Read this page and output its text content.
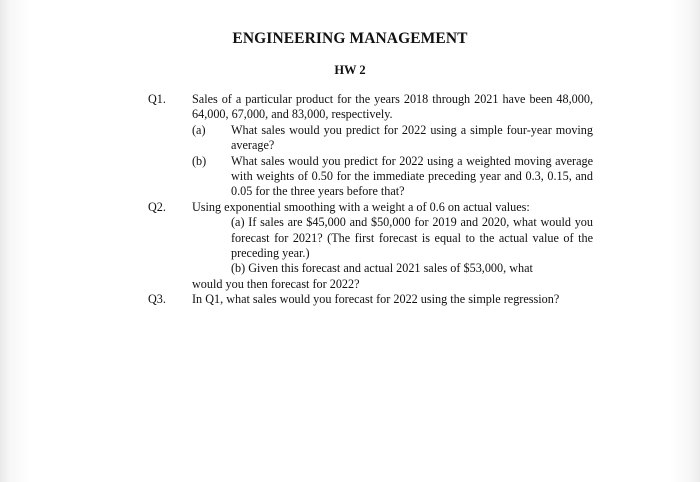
ENGINEERING MANAGEMENT
HW 2
Q1. Sales of a particular product for the years 2018 through 2021 have been 48,000, 64,000, 67,000, and 83,000, respectively.
(a) What sales would you predict for 2022 using a simple four-year moving average?
(b) What sales would you predict for 2022 using a weighted moving average with weights of 0.50 for the immediate preceding year and 0.3, 0.15, and 0.05 for the three years before that?
Q2. Using exponential smoothing with a weight a of 0.6 on actual values:
(a) If sales are $45,000 and $50,000 for 2019 and 2020, what would you forecast for 2021? (The first forecast is equal to the actual value of the preceding year.)
(b) Given this forecast and actual 2021 sales of $53,000, what
would you then forecast for 2022?
Q3. In Q1, what sales would you forecast for 2022 using the simple regression?
